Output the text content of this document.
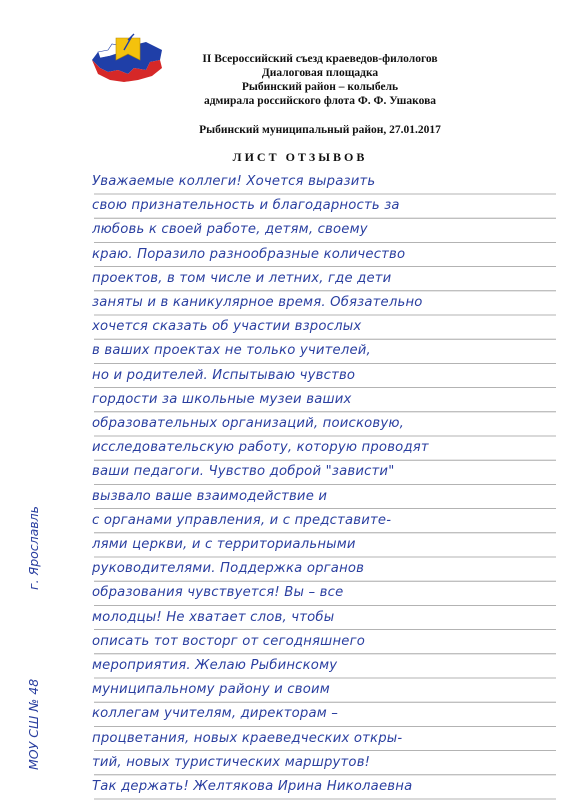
II Всероссийский съезд краеведов-филологов
Диалоговая площадка
Рыбинский район – колыбель
адмирала российского флота Ф. Ф. Ушакова
Рыбинский муниципальный район, 27.01.2017
ЛИСТ ОТЗЫВОВ
Уважаемые коллеги! Хочется выразить
свою признательность и благодарность за
любовь к своей работе, детям, своему
краю. Поразило разнообразные количество
проектов, в том числе и летних, где дети
заняты и в каникулярное время. Обязательно
хочется сказать об участии взрослых
в ваших проектах не только учителей,
но и родителей. Испытываю чувство
гордости за школьные музеи ваших
образовательных организаций, поисковую,
исследовательскую работу, которую проводят
ваши педагоги. Чувство доброй "зависти"
вызвало ваше взаимодействие и
с органами управления, и с представите-
лями церкви, и с территориальными
руководителями. Поддержка органов
образования чувствуется! Вы – все
молодцы! Не хватает слов, чтобы
описать тот восторг от сегодняшнего
мероприятия. Желаю Рыбинскому
муниципальному району и своим
коллегам учителям, директорам –
процветания, новых краеведческих откры-
тий, новых туристических маршрутов!
Так держать! Желтякова Ирина Николаевна
г. Ярославль
МОУ СШ № 48
